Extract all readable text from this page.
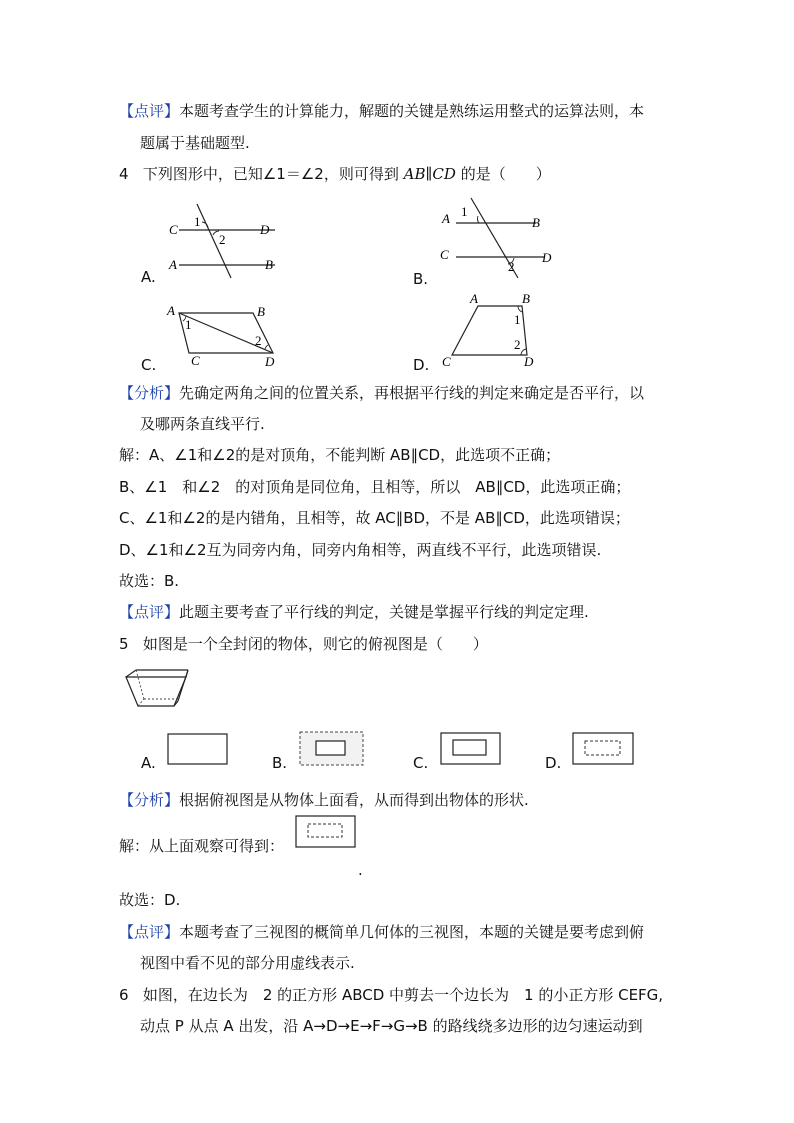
【点评】本题考查学生的计算能力，解题的关键是熟练运用整式的运算法则，本
题属于基础题型.
4 下列图形中，已知∠1＝∠2，则可得到 AB∥CD 的是（　　）
C
1
2
D
A	B
A.
A 1
B
C
2
D
B.
A
1
B
2
C	D
C.
A	B
1
2
C	D
D.
【分析】先确定两角之间的位置关系，再根据平行线的判定来确定是否平行，以
及哪两条直线平行.
解：A、∠1和∠2的是对顶角，不能判断 AB∥CD，此选项不正确；
B、∠1　和∠2　的对顶角是同位角，且相等，所以　AB∥CD，此选项正确；
C、∠1和∠2的是内错角，且相等，故 AC∥BD，不是 AB∥CD，此选项错误；
D、∠1和∠2互为同旁内角，同旁内角相等，两直线不平行，此选项错误.
故选：B.
【点评】此题主要考查了平行线的判定，关键是掌握平行线的判定定理.
5 如图是一个全封闭的物体，则它的俯视图是（　　）
A.	B.	C.	D.
【分析】根据俯视图是从物体上面看，从而得到出物体的形状.
解：从上面观察可得到：
.
故选：D.
【点评】本题考查了三视图的概简单几何体的三视图，本题的关键是要考虑到俯
视图中看不见的部分用虚线表示.
6 如图，在边长为　2 的正方形 ABCD 中剪去一个边长为　1 的小正方形 CEFG,
动点 P 从点 A 出发，沿 A→D→E→F→G→B 的路线绕多边形的边匀速运动到
